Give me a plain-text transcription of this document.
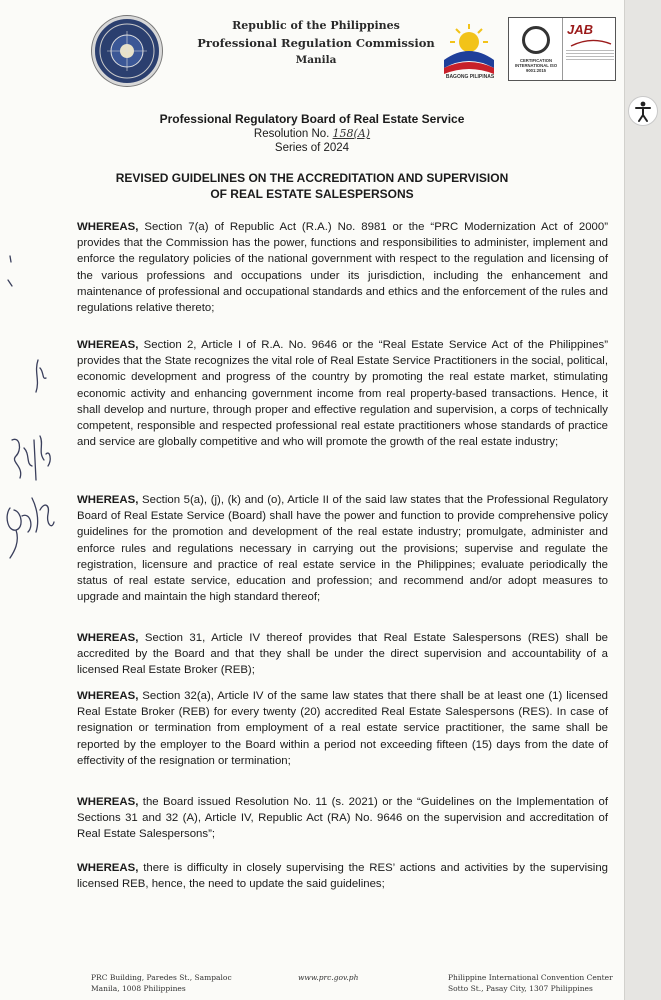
Republic of the Philippines
Professional Regulation Commission
Manila
BAGONG PILIPINAS
CERTIFICATION INTERNATIONAL ISO 9001:2015
JAB
Professional Regulatory Board of Real Estate Service
Resolution No. 158(A)
Series of 2024
REVISED GUIDELINES ON THE ACCREDITATION AND SUPERVISION
OF REAL ESTATE SALESPERSONS
WHEREAS, Section 7(a) of Republic Act (R.A.) No. 8981 or the “PRC Modernization Act of 2000” provides that the Commission has the power, functions and responsibilities to administer, implement and enforce the regulatory policies of the national government with respect to the regulation and licensing of the various professions and occupations under its jurisdiction, including the enhancement and maintenance of professional and occupational standards and ethics and the enforcement of the rules and regulations relative thereto;
WHEREAS, Section 2, Article I of R.A. No. 9646 or the “Real Estate Service Act of the Philippines” provides that the State recognizes the vital role of Real Estate Service Practitioners in the social, political, economic development and progress of the country by promoting the real estate market, stimulating economic activity and enhancing government income from real property-based transactions. Hence, it shall develop and nurture, through proper and effective regulation and supervision, a corps of technically competent, responsible and respected professional real estate practitioners whose standards of practice and service are globally competitive and who will promote the growth of the real estate industry;
WHEREAS, Section 5(a), (j), (k) and (o), Article II of the said law states that the Professional Regulatory Board of Real Estate Service (Board) shall have the power and function to provide comprehensive policy guidelines for the promotion and development of the real estate industry; promulgate, administer and enforce rules and regulations necessary in carrying out the provisions; supervise and regulate the registration, licensure and practice of real estate service in the Philippines; evaluate periodically the status of real estate service, education and profession; and recommend and/or adopt measures to upgrade and maintain the high standard thereof;
WHEREAS, Section 31, Article IV thereof provides that Real Estate Salespersons (RES) shall be accredited by the Board and that they shall be under the direct supervision and accountability of a licensed Real Estate Broker (REB);
WHEREAS, Section 32(a), Article IV of the same law states that there shall be at least one (1) licensed Real Estate Broker (REB) for every twenty (20) accredited Real Estate Salespersons (RES). In case of resignation or termination from employment of a real estate service practitioner, the same shall be reported by the employer to the Board within a period not exceeding fifteen (15) days from the date of effectivity of the resignation or termination;
WHEREAS, the Board issued Resolution No. 11 (s. 2021) or the “Guidelines on the Implementation of Sections 31 and 32 (A), Article IV, Republic Act (RA) No. 9646 on the supervision and accreditation of Real Estate Salespersons”;
WHEREAS, there is difficulty in closely supervising the RES’ actions and activities by the supervising licensed REB, hence, the need to update the said guidelines;
PRC Building, Paredes St., Sampaloc
Manila, 1008 Philippines
www.prc.gov.ph	Philippine International Convention Center
Sotto St., Pasay City, 1307 Philippines
